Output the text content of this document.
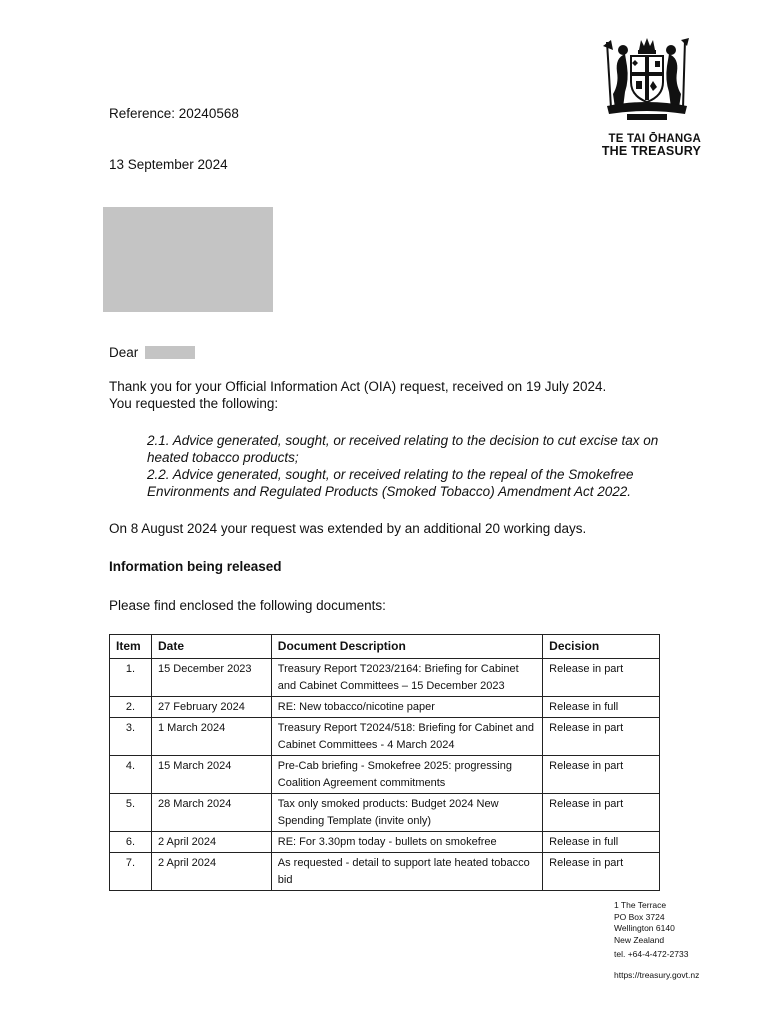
TE TAI ŌHANGA
THE TREASURY
Reference: 20240568
13 September 2024
Dear
Thank you for your Official Information Act (OIA) request, received on 19 July 2024.
You requested the following:

2.1. Advice generated, sought, or received relating to the decision to cut excise tax on heated tobacco products;

2.2. Advice generated, sought, or received relating to the repeal of the Smokefree Environments and Regulated Products (Smoked Tobacco) Amendment Act 2022.

On 8 August 2024 your request was extended by an additional 20 working days.
Information being released
Please find enclosed the following documents:
Item	Date	Document Description	Decision
1.	15 December 2023	Treasury Report T2023/2164: Briefing for Cabinet and Cabinet Committees – 15 December 2023	Release in part
2.	27 February 2024	RE: New tobacco/nicotine paper	Release in full
3.	1 March 2024	Treasury Report T2024/518: Briefing for Cabinet and Cabinet Committees - 4 March 2024	Release in part
4.	15 March 2024	Pre-Cab briefing - Smokefree 2025: progressing Coalition Agreement commitments	Release in part
5.	28 March 2024	Tax only smoked products: Budget 2024 New Spending Template (invite only)	Release in part
6.	2 April 2024	RE: For 3.30pm today - bullets on smokefree	Release in full
7.	2 April 2024	As requested - detail to support late heated tobacco bid	Release in part
1 The Terrace
PO Box 3724
Wellington 6140
New Zealand
tel. +64-4-472-2733
https://treasury.govt.nz
